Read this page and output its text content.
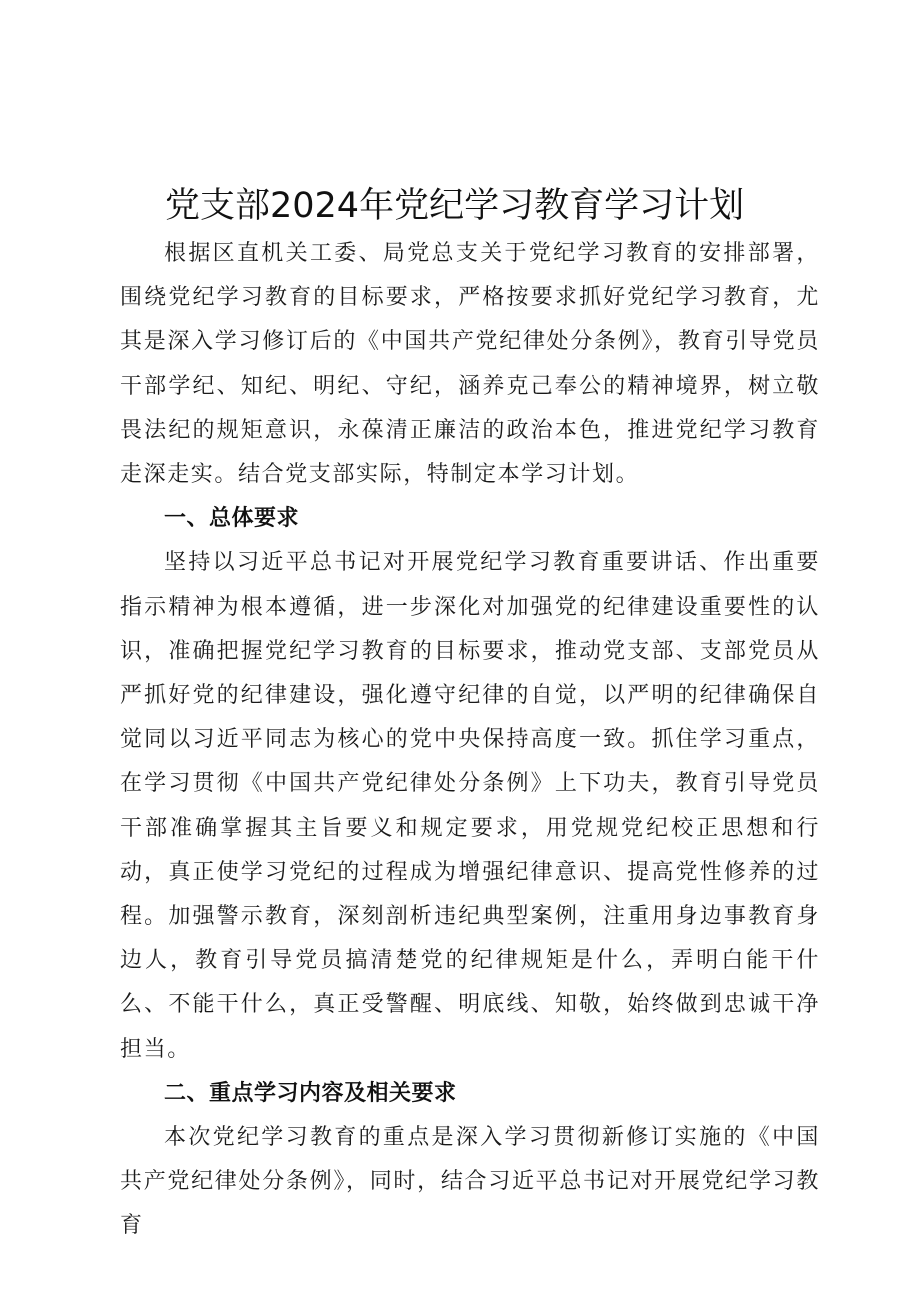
党支部2024年党纪学习教育学习计划

根据区直机关工委、局党总支关于党纪学习教育的安排部署，围绕党纪学习教育的目标要求，严格按要求抓好党纪学习教育，尤其是深入学习修订后的《中国共产党纪律处分条例》，教育引导党员干部学纪、知纪、明纪、守纪，涵养克己奉公的精神境界，树立敬畏法纪的规矩意识，永葆清正廉洁的政治本色，推进党纪学习教育走深走实。结合党支部实际，特制定本学习计划。

一、总体要求

坚持以习近平总书记对开展党纪学习教育重要讲话、作出重要指示精神为根本遵循，进一步深化对加强党的纪律建设重要性的认识，准确把握党纪学习教育的目标要求，推动党支部、支部党员从严抓好党的纪律建设，强化遵守纪律的自觉，以严明的纪律确保自觉同以习近平同志为核心的党中央保持高度一致。抓住学习重点，在学习贯彻《中国共产党纪律处分条例》上下功夫，教育引导党员干部准确掌握其主旨要义和规定要求，用党规党纪校正思想和行动，真正使学习党纪的过程成为增强纪律意识、提高党性修养的过程。加强警示教育，深刻剖析违纪典型案例，注重用身边事教育身边人，教育引导党员搞清楚党的纪律规矩是什么，弄明白能干什么、不能干什么，真正受警醒、明底线、知敬，始终做到忠诚干净担当。

二、重点学习内容及相关要求

本次党纪学习教育的重点是深入学习贯彻新修订实施的《中国共产党纪律处分条例》，同时，结合习近平总书记对开展党纪学习教育
